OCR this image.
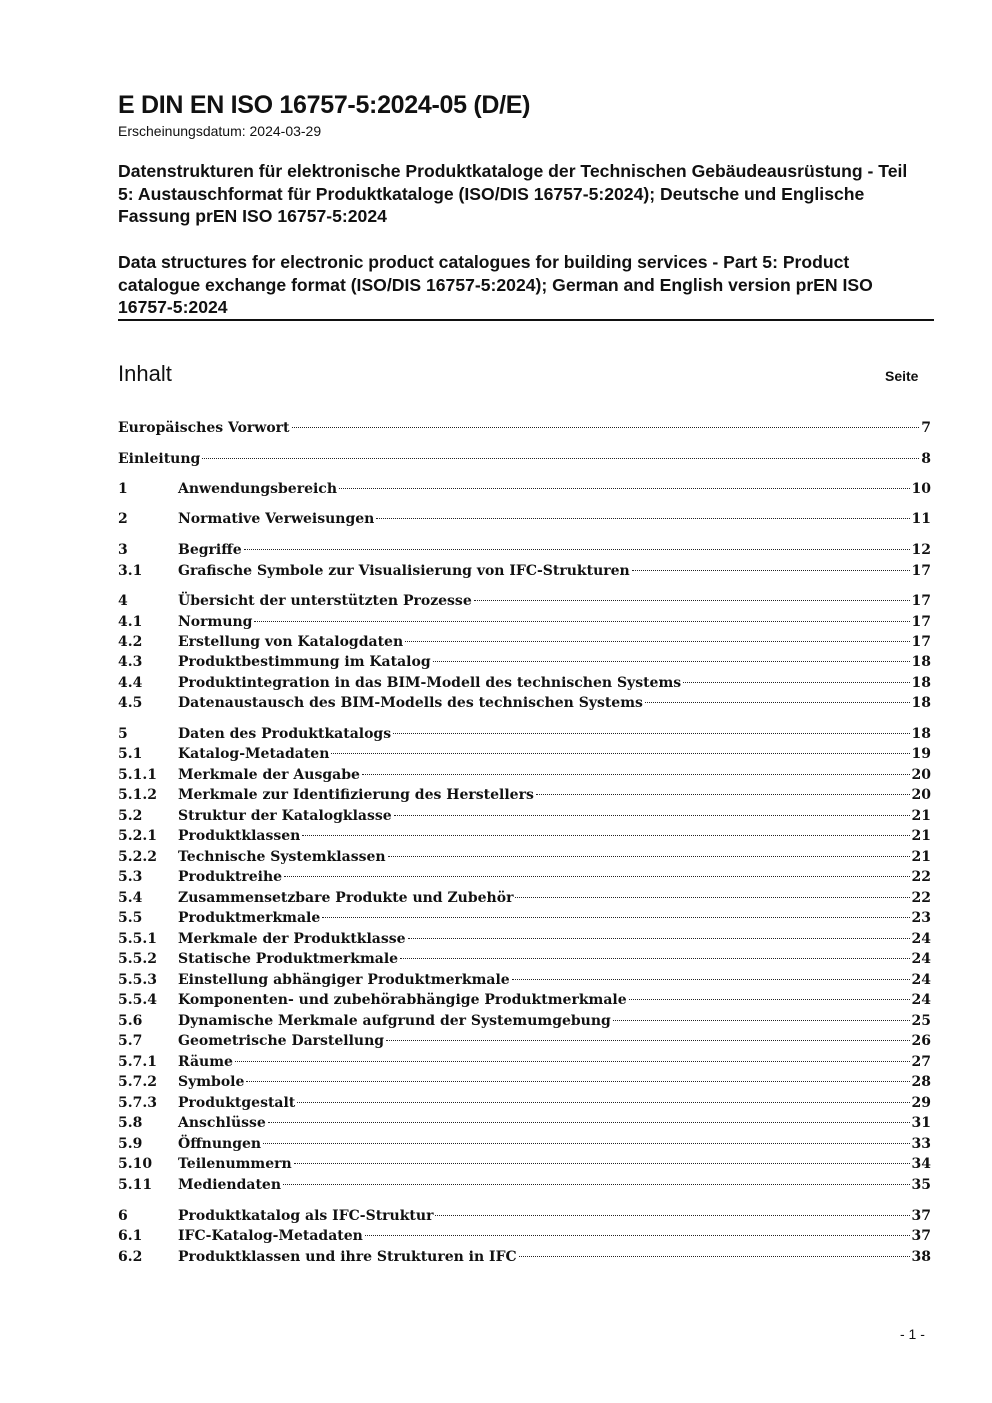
E DIN EN ISO 16757-5:2024-05 (D/E)
Erscheinungsdatum: 2024-03-29
Datenstrukturen für elektronische Produktkataloge der Technischen Gebäudeausrüstung - Teil 5: Austauschformat für Produktkataloge (ISO/DIS 16757-5:2024); Deutsche und Englische Fassung prEN ISO 16757-5:2024
Data structures for electronic product catalogues for building services - Part 5: Product catalogue exchange format (ISO/DIS 16757-5:2024); German and English version prEN ISO 16757-5:2024
Inhalt	Seite
Europäisches Vorwort	7
Einleitung	8
1	Anwendungsbereich	10
2	Normative Verweisungen	11
3	Begriffe	12
3.1	Grafische Symbole zur Visualisierung von IFC-Strukturen	17
4	Übersicht der unterstützten Prozesse	17
4.1	Normung	17
4.2	Erstellung von Katalogdaten	17
4.3	Produktbestimmung im Katalog	18
4.4	Produktintegration in das BIM-Modell des technischen Systems	18
4.5	Datenaustausch des BIM-Modells des technischen Systems	18
5	Daten des Produktkatalogs	18
5.1	Katalog-Metadaten	19
5.1.1	Merkmale der Ausgabe	20
5.1.2	Merkmale zur Identifizierung des Herstellers	20
5.2	Struktur der Katalogklasse	21
5.2.1	Produktklassen	21
5.2.2	Technische Systemklassen	21
5.3	Produktreihe	22
5.4	Zusammensetzbare Produkte und Zubehör	22
5.5	Produktmerkmale	23
5.5.1	Merkmale der Produktklasse	24
5.5.2	Statische Produktmerkmale	24
5.5.3	Einstellung abhängiger Produktmerkmale	24
5.5.4	Komponenten- und zubehörabhängige Produktmerkmale	24
5.6	Dynamische Merkmale aufgrund der Systemumgebung	25
5.7	Geometrische Darstellung	26
5.7.1	Räume	27
5.7.2	Symbole	28
5.7.3	Produktgestalt	29
5.8	Anschlüsse	31
5.9	Öffnungen	33
5.10	Teilenummern	34
5.11	Mediendaten	35
6	Produktkatalog als IFC-Struktur	37
6.1	IFC-Katalog-Metadaten	37
6.2	Produktklassen und ihre Strukturen in IFC	38
- 1 -
